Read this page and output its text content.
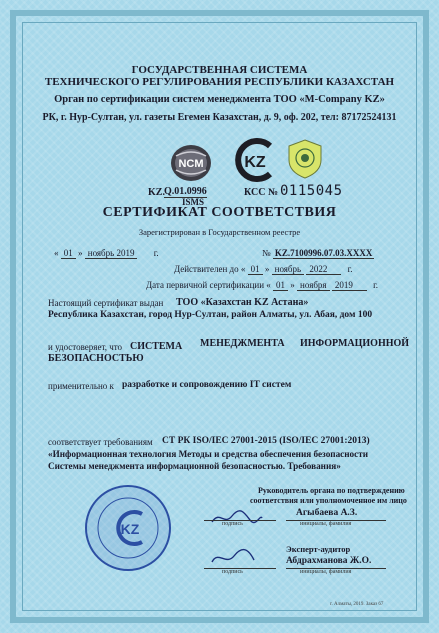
ГОСУДАРСТВЕННАЯ СИСТЕМА
ТЕХНИЧЕСКОГО РЕГУЛИРОВАНИЯ РЕСПУБЛИКИ КАЗАХСТАН
Орган по сертификации систем менеджмента ТОО «M-Company KZ»
РК, г. Нур-Султан, ул. газеты Егемен Казахстан, д. 9, оф. 202, тел: 87172524131
NCM	KZ
KZ. Q.01.0996	КСС № 0115045
ISMS
СЕРТИФИКАТ СООТВЕТСТВИЯ
Зарегистрирован в Государственном реестре
« 01 » ноябрь 2019 г.	№ KZ.7100996.07.03.XXXX
Действителен до « 01 » ноябрь 2022 г.
Дата первичной сертификации « 01 » ноября 2019 г.
Настоящий сертификат выдан ТОО «Казахстан KZ Астана»
Республика Казахстан, город Нур-Султан, район Алматы, ул. Абая, дом 100
и удостоверяет, что СИСТЕМА МЕНЕДЖМЕНТА ИНФОРМАЦИОННОЙ
БЕЗОПАСНОСТЬЮ
применительно к разработке и сопровождению IT систем
соответствует требованиям СТ РК ISO/IEC 27001-2015 (ISO/IEC 27001:2013)
«Информационная технология Методы и средства обеспечения безопасности
Системы менеджмента информационной безопасностью. Требования»
KZ
Руководитель органа по подтверждению
соответствия или уполномоченное им лицо
подпись
Агыбаева А.З.
инициалы, фамилия
Эксперт-аудитор
подпись
Абдрахманова Ж.О.
инициалы, фамилия
г. Алматы, 2019. Заказ 67
